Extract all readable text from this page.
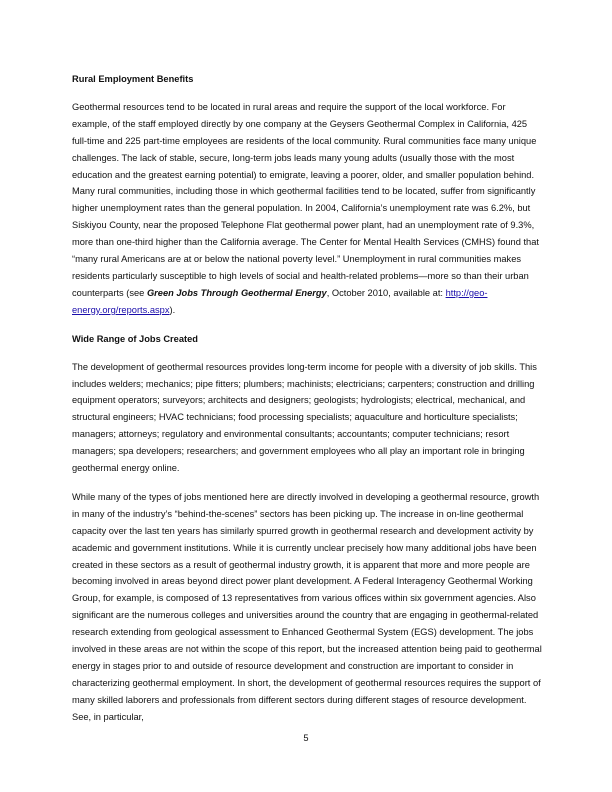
Rural Employment Benefits

Geothermal resources tend to be located in rural areas and require the support of the local workforce. For example, of the staff employed directly by one company at the Geysers Geothermal Complex in California, 425 full-time and 225 part-time employees are residents of the local community. Rural communities face many unique challenges. The lack of stable, secure, long-term jobs leads many young adults (usually those with the most education and the greatest earning potential) to emigrate, leaving a poorer, older, and smaller population behind. Many rural communities, including those in which geothermal facilities tend to be located, suffer from significantly higher unemployment rates than the general population. In 2004, California’s unemployment rate was 6.2%, but Siskiyou County, near the proposed Telephone Flat geothermal power plant, had an unemployment rate of 9.3%, more than one-third higher than the California average. The Center for Mental Health Services (CMHS) found that “many rural Americans are at or below the national poverty level.” Unemployment in rural communities makes residents particularly susceptible to high levels of social and health-related problems—more so than their urban counterparts (see Green Jobs Through Geothermal Energy, October 2010, available at: http://geo-energy.org/reports.aspx).

Wide Range of Jobs Created

The development of geothermal resources provides long-term income for people with a diversity of job skills. This includes welders; mechanics; pipe fitters; plumbers; machinists; electricians; carpenters; construction and drilling equipment operators; surveyors; architects and designers; geologists; hydrologists; electrical, mechanical, and structural engineers; HVAC technicians; food processing specialists; aquaculture and horticulture specialists; managers; attorneys; regulatory and environmental consultants; accountants; computer technicians; resort managers; spa developers; researchers; and government employees who all play an important role in bringing geothermal energy online.

While many of the types of jobs mentioned here are directly involved in developing a geothermal resource, growth in many of the industry’s “behind-the-scenes” sectors has been picking up. The increase in on-line geothermal capacity over the last ten years has similarly spurred growth in geothermal research and development activity by academic and government institutions. While it is currently unclear precisely how many additional jobs have been created in these sectors as a result of geothermal industry growth, it is apparent that more and more people are becoming involved in areas beyond direct power plant development. A Federal Interagency Geothermal Working Group, for example, is composed of 13 representatives from various offices within six government agencies. Also significant are the numerous colleges and universities around the country that are engaging in geothermal-related research extending from geological assessment to Enhanced Geothermal System (EGS) development. The jobs involved in these areas are not within the scope of this report, but the increased attention being paid to geothermal energy in stages prior to and outside of resource development and construction are important to consider in characterizing geothermal employment. In short, the development of geothermal resources requires the support of many skilled laborers and professionals from different sectors during different stages of resource development. See, in particular,

5
